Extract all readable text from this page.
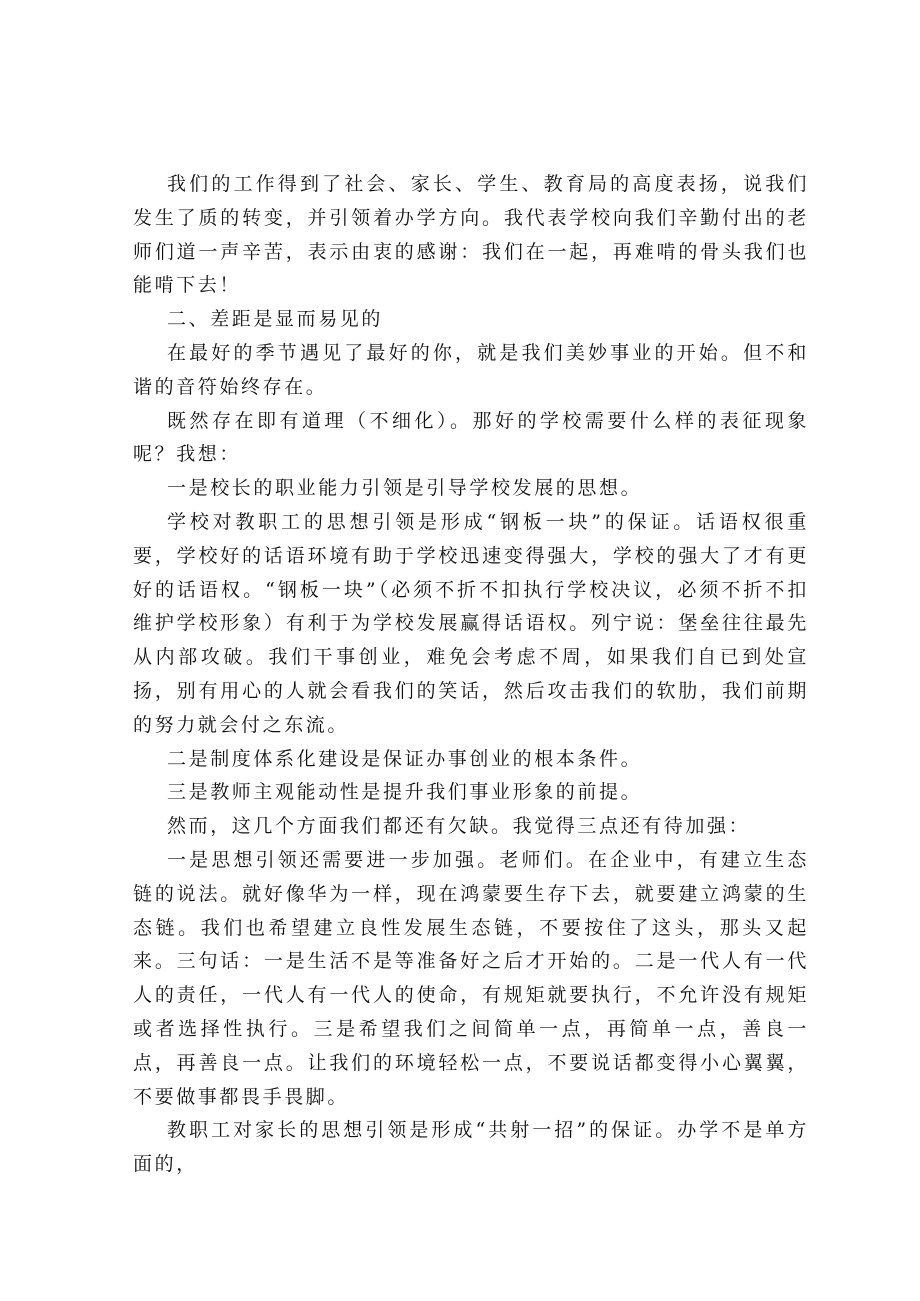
我们的工作得到了社会、家长、学生、教育局的高度表扬，说我们发生了质的转变，并引领着办学方向。我代表学校向我们辛勤付出的老师们道一声辛苦，表示由衷的感谢：我们在一起，再难啃的骨头我们也能啃下去！

二、差距是显而易见的

在最好的季节遇见了最好的你，就是我们美妙事业的开始。但不和谐的音符始终存在。

既然存在即有道理（不细化）。那好的学校需要什么样的表征现象呢？我想：

一是校长的职业能力引领是引导学校发展的思想。

学校对教职工的思想引领是形成“钢板一块”的保证。话语权很重要，学校好的话语环境有助于学校迅速变得强大，学校的强大了才有更好的话语权。“钢板一块”（必须不折不扣执行学校决议，必须不折不扣维护学校形象）有利于为学校发展赢得话语权。列宁说：堡垒往往最先从内部攻破。我们干事创业，难免会考虑不周，如果我们自已到处宣扬，别有用心的人就会看我们的笑话，然后攻击我们的软肋，我们前期的努力就会付之东流。

二是制度体系化建设是保证办事创业的根本条件。

三是教师主观能动性是提升我们事业形象的前提。

然而，这几个方面我们都还有欠缺。我觉得三点还有待加强：

一是思想引领还需要进一步加强。老师们。在企业中，有建立生态链的说法。就好像华为一样，现在鸿蒙要生存下去，就要建立鸿蒙的生态链。我们也希望建立良性发展生态链，不要按住了这头，那头又起来。三句话：一是生活不是等准备好之后才开始的。二是一代人有一代人的责任，一代人有一代人的使命，有规矩就要执行，不允许没有规矩或者选择性执行。三是希望我们之间简单一点，再简单一点，善良一点，再善良一点。让我们的环境轻松一点，不要说话都变得小心翼翼，不要做事都畏手畏脚。

教职工对家长的思想引领是形成“共射一招”的保证。办学不是单方面的，
